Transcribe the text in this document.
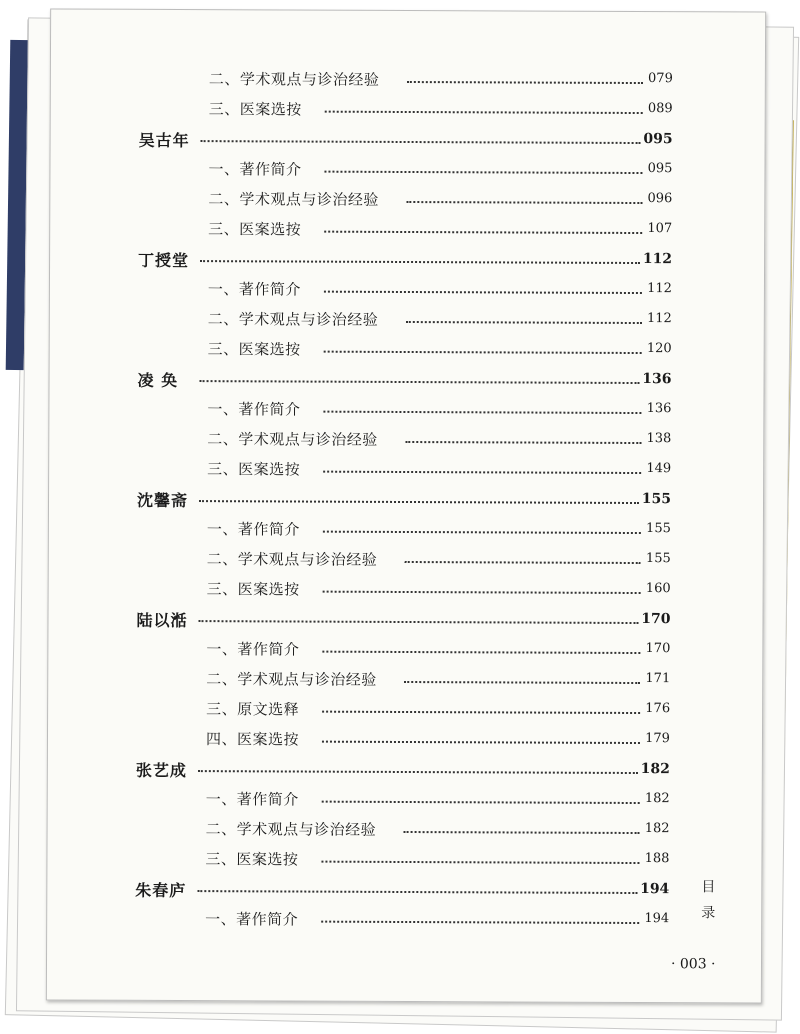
二、学术观点与诊治经验	079
三、医案选按	089
吴古年	095
一、著作简介	095
二、学术观点与诊治经验	096
三、医案选按	107
丁授堂	112
一、著作简介	112
二、学术观点与诊治经验	112
三、医案选按	120
凌 奂	136
一、著作简介	136
二、学术观点与诊治经验	138
三、医案选按	149
沈馨斋	155
一、著作简介	155
二、学术观点与诊治经验	155
三、医案选按	160
陆以湉	170
一、著作简介	170
二、学术观点与诊治经验	171
三、原文选释	176
四、医案选按	179
张艺成	182
一、著作简介	182
二、学术观点与诊治经验	182
三、医案选按	188
朱春庐	194
一、著作简介	194
目
录
· 003 ·
